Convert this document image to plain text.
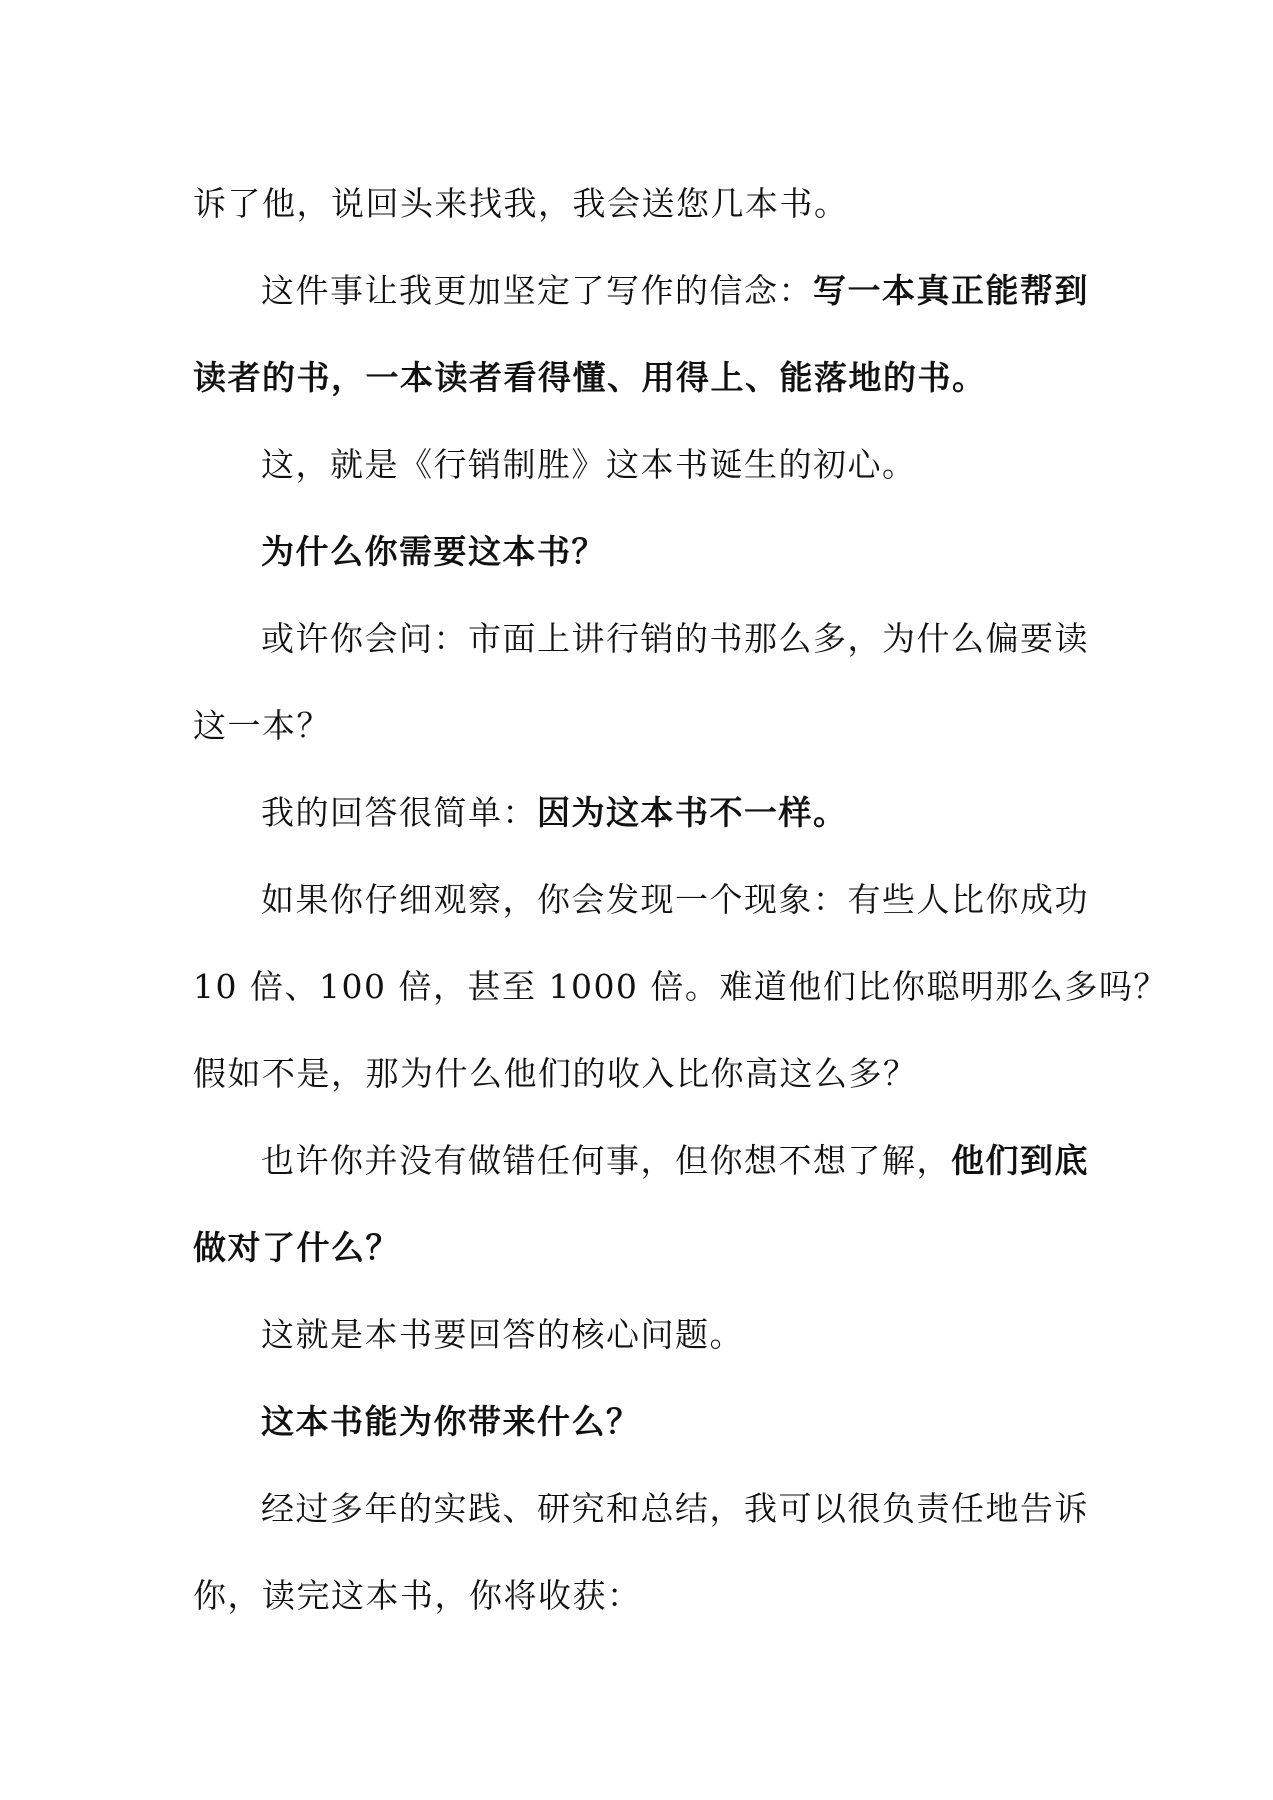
诉了他，说回头来找我，我会送您几本书。

这件事让我更加坚定了写作的信念：写一本真正能帮到

读者的书，一本读者看得懂、用得上、能落地的书。

这，就是《行销制胜》这本书诞生的初心。

为什么你需要这本书？

或许你会问：市面上讲行销的书那么多，为什么偏要读

这一本？

我的回答很简单：因为这本书不一样。

如果你仔细观察，你会发现一个现象：有些人比你成功

10 倍、100 倍，甚至 1000 倍。难道他们比你聪明那么多吗？

假如不是，那为什么他们的收入比你高这么多？

也许你并没有做错任何事，但你想不想了解，他们到底

做对了什么？

这就是本书要回答的核心问题。

这本书能为你带来什么？

经过多年的实践、研究和总结，我可以很负责任地告诉

你，读完这本书，你将收获：
